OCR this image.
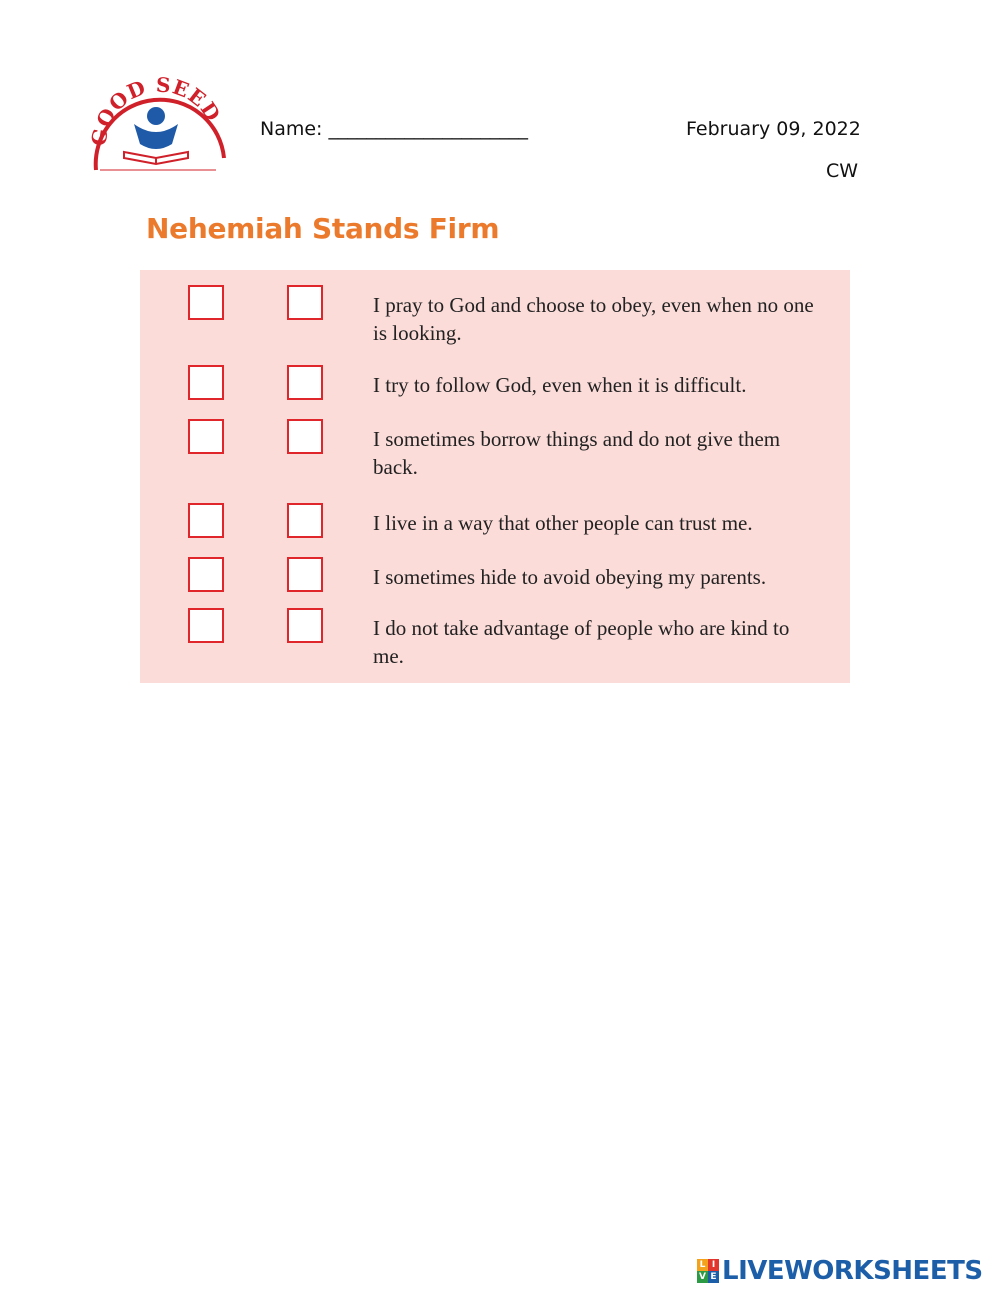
GOOD SEED
Name: _____________________	February 09, 2022
CW
Nehemiah Stands Firm
I pray to God and choose to obey, even when no one is looking.
I try to follow God, even when it is difficult.
I sometimes borrow things and do not give them back.
I live in a way that other people can trust me.
I sometimes hide to avoid obeying my parents.
I do not take advantage of people who are kind to me.
L I
V E LIVEWORKSHEETS
